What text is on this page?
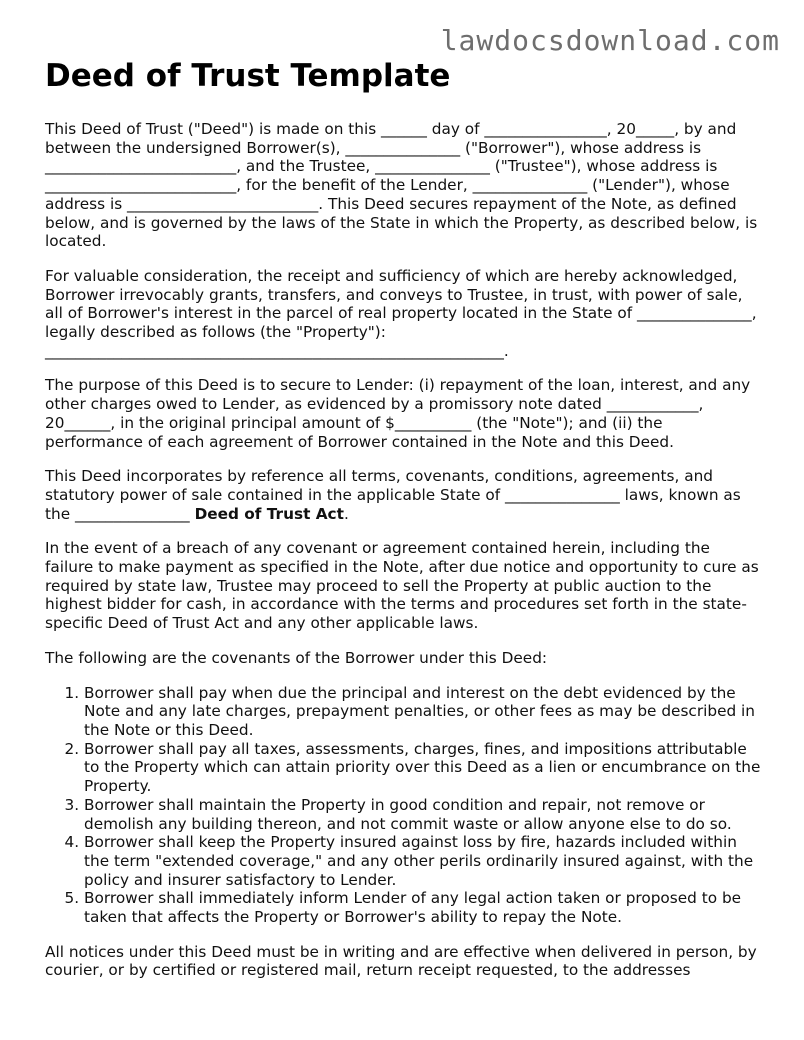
lawdocsdownload.com
Deed of Trust Template

This Deed of Trust ("Deed") is made on this ______ day of ________________, 20_____, by and between the undersigned Borrower(s), _______________ ("Borrower"), whose address is _________________________, and the Trustee, _______________ ("Trustee"), whose address is _________________________, for the benefit of the Lender, _______________ ("Lender"), whose address is _________________________. This Deed secures repayment of the Note, as defined below, and is governed by the laws of the State in which the Property, as described below, is located.

For valuable consideration, the receipt and sufficiency of which are hereby acknowledged, Borrower irrevocably grants, transfers, and conveys to Trustee, in trust, with power of sale, all of Borrower's interest in the parcel of real property located in the State of _______________, legally described as follows (the "Property"): ____________________________________________________________.

The purpose of this Deed is to secure to Lender: (i) repayment of the loan, interest, and any other charges owed to Lender, as evidenced by a promissory note dated ____________, 20______, in the original principal amount of $__________ (the "Note"); and (ii) the performance of each agreement of Borrower contained in the Note and this Deed.

This Deed incorporates by reference all terms, covenants, conditions, agreements, and statutory power of sale contained in the applicable State of _______________ laws, known as the _______________ Deed of Trust Act.

In the event of a breach of any covenant or agreement contained herein, including the failure to make payment as specified in the Note, after due notice and opportunity to cure as required by state law, Trustee may proceed to sell the Property at public auction to the highest bidder for cash, in accordance with the terms and procedures set forth in the state-specific Deed of Trust Act and any other applicable laws.

The following are the covenants of the Borrower under this Deed:

1. Borrower shall pay when due the principal and interest on the debt evidenced by the Note and any late charges, prepayment penalties, or other fees as may be described in the Note or this Deed.
2. Borrower shall pay all taxes, assessments, charges, fines, and impositions attributable to the Property which can attain priority over this Deed as a lien or encumbrance on the Property.
3. Borrower shall maintain the Property in good condition and repair, not remove or demolish any building thereon, and not commit waste or allow anyone else to do so.
4. Borrower shall keep the Property insured against loss by fire, hazards included within the term "extended coverage," and any other perils ordinarily insured against, with the policy and insurer satisfactory to Lender.
5. Borrower shall immediately inform Lender of any legal action taken or proposed to be taken that affects the Property or Borrower's ability to repay the Note.

All notices under this Deed must be in writing and are effective when delivered in person, by courier, or by certified or registered mail, return receipt requested, to the addresses
